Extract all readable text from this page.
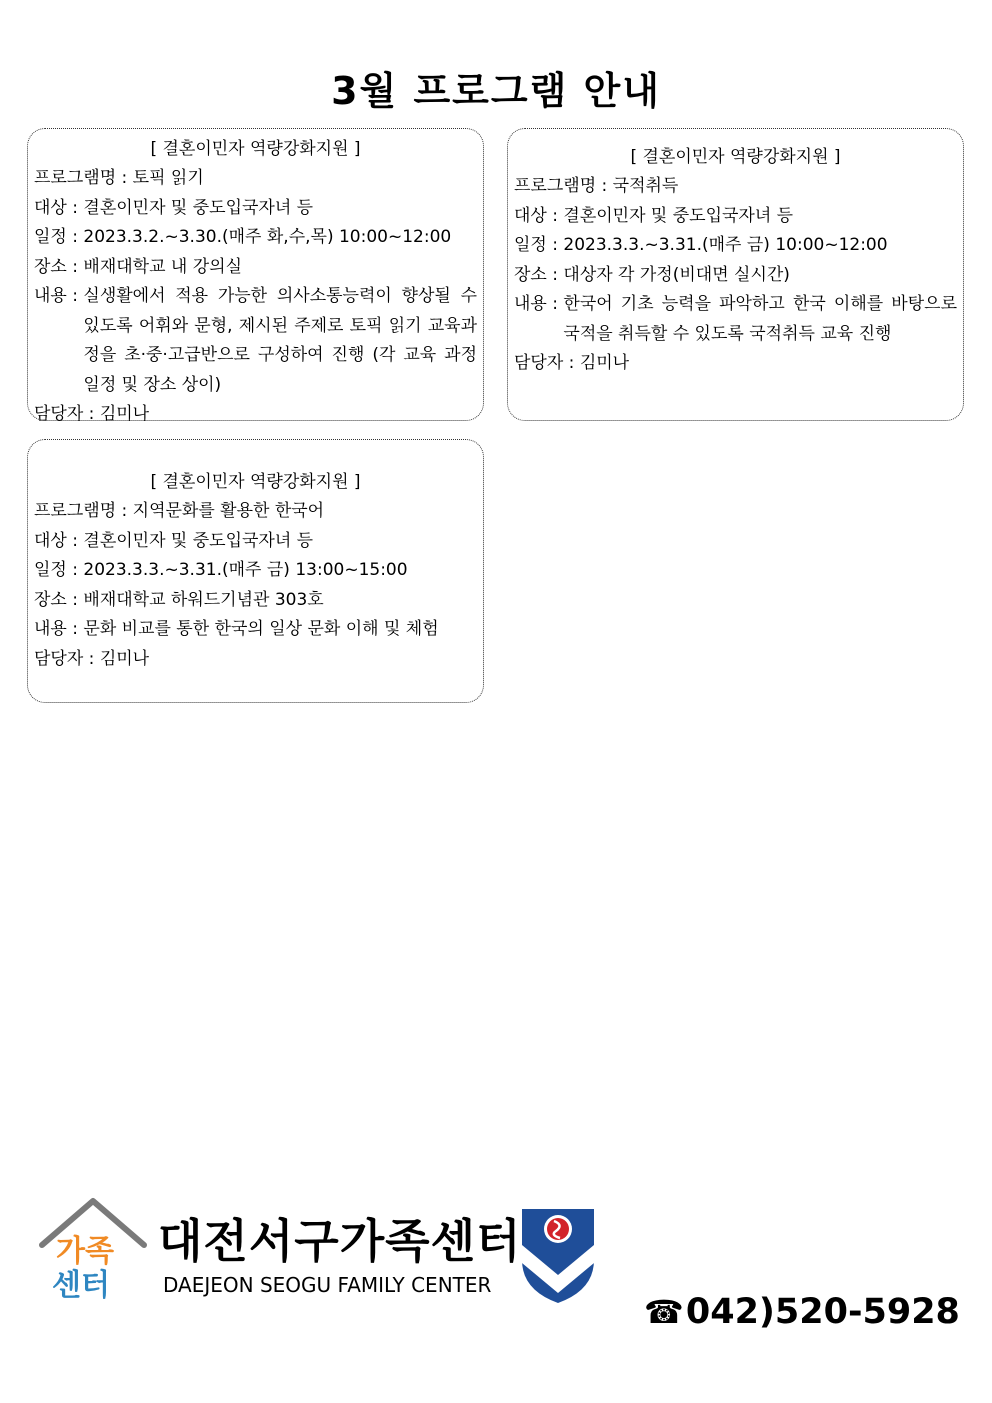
3월 프로그램 안내
[ 결혼이민자 역량강화지원 ]
프로그램명 : 토픽 읽기
대상 : 결혼이민자 및 중도입국자녀 등
일정 : 2023.3.2.~3.30.(매주 화,수,목) 10:00~12:00
장소 : 배재대학교 내 강의실
내용 :
실생활에서 적용 가능한 의사소통능력이 향상될 수 있도록 어휘와 문형, 제시된 주제로 토픽 읽기 교육과정을 초·중·고급반으로 구성하여 진행 (각 교육 과정 일정 및 장소 상이)
담당자 : 김미나
[ 결혼이민자 역량강화지원 ]
프로그램명 : 국적취득
대상 : 결혼이민자 및 중도입국자녀 등
일정 : 2023.3.3.~3.31.(매주 금) 10:00~12:00
장소 : 대상자 각 가정(비대면 실시간)
내용 :
한국어 기초 능력을 파악하고 한국 이해를 바탕으로 국적을 취득할 수 있도록 국적취득 교육 진행
담당자 : 김미나
[ 결혼이민자 역량강화지원 ]
프로그램명 : 지역문화를 활용한 한국어
대상 : 결혼이민자 및 중도입국자녀 등
일정 : 2023.3.3.~3.31.(매주 금) 13:00~15:00
장소 : 배재대학교 하워드기념관 303호
내용 : 문화 비교를 통한 한국의 일상 문화 이해 및 체험
담당자 : 김미나
가족
센터
대전서구가족센터
DAEJEON SEOGU FAMILY CENTER
☎042)520-5928
